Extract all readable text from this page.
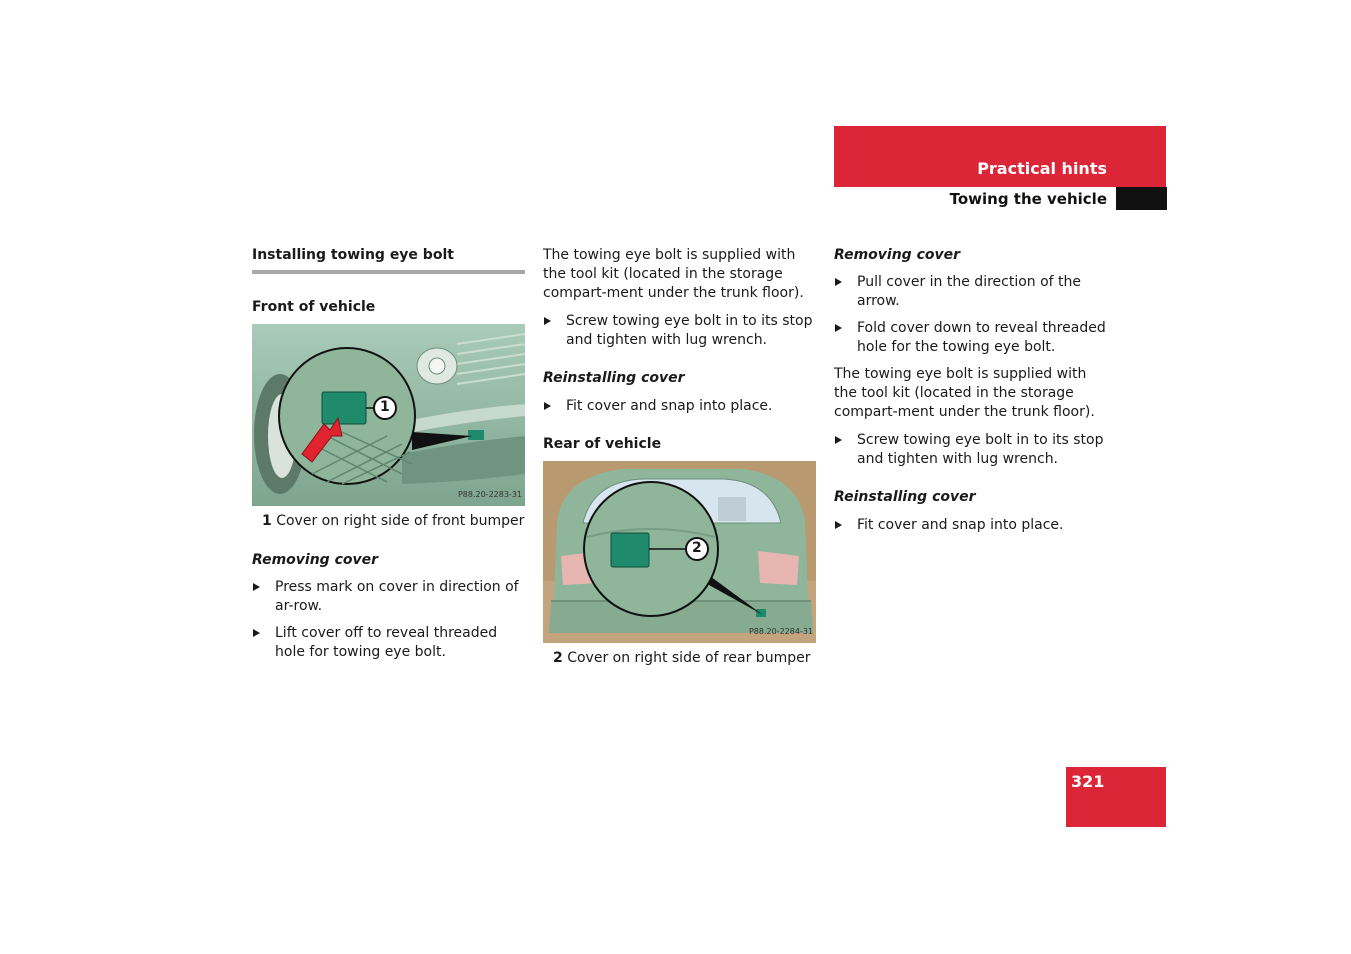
Practical hints
Towing the vehicle

Installing towing eye bolt

Front of vehicle

1
P88.20-2283-31

1 Cover on right side of front bumper

Removing cover

Press mark on cover in direction of ar-row.

Lift cover off to reveal threaded hole for towing eye bolt.

The towing eye bolt is supplied with the tool kit (located in the storage compart-ment under the trunk floor).

Screw towing eye bolt in to its stop and tighten with lug wrench.

Reinstalling cover

Fit cover and snap into place.

Rear of vehicle

2
P88.20-2284-31

2 Cover on right side of rear bumper

Removing cover

Pull cover in the direction of the arrow.

Fold cover down to reveal threaded hole for the towing eye bolt.

The towing eye bolt is supplied with the tool kit (located in the storage compart-ment under the trunk floor).

Screw towing eye bolt in to its stop and tighten with lug wrench.

Reinstalling cover

Fit cover and snap into place.

321
